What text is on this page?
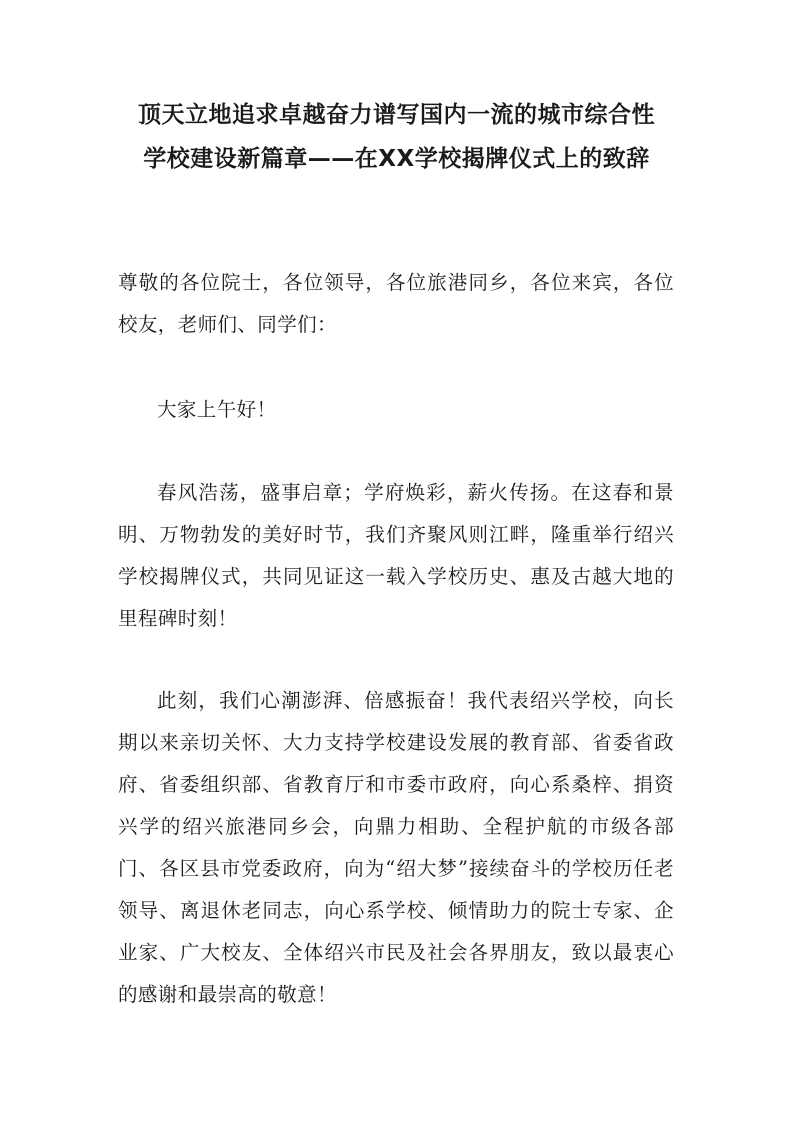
顶天立地追求卓越奋力谱写国内一流的城市综合性
学校建设新篇章——在XX学校揭牌仪式上的致辞

尊敬的各位院士，各位领导，各位旅港同乡，各位来宾，各位校友，老师们、同学们：

大家上午好！

春风浩荡，盛事启章；学府焕彩，薪火传扬。在这春和景明、万物勃发的美好时节，我们齐聚风则江畔，隆重举行绍兴学校揭牌仪式，共同见证这一载入学校历史、惠及古越大地的里程碑时刻！

此刻，我们心潮澎湃、倍感振奋！我代表绍兴学校，向长期以来亲切关怀、大力支持学校建设发展的教育部、省委省政府、省委组织部、省教育厅和市委市政府，向心系桑梓、捐资兴学的绍兴旅港同乡会，向鼎力相助、全程护航的市级各部门、各区县市党委政府，向为“绍大梦”接续奋斗的学校历任老领导、离退休老同志，向心系学校、倾情助力的院士专家、企业家、广大校友、全体绍兴市民及社会各界朋友，致以最衷心的感谢和最崇高的敬意！
